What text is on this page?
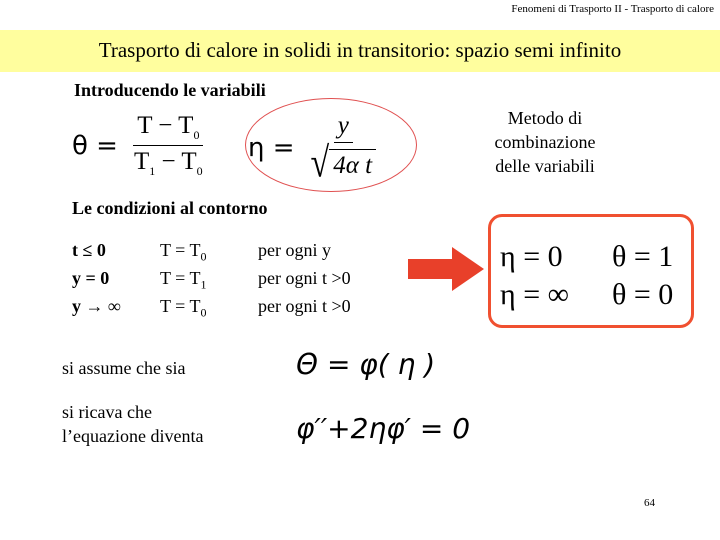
Fenomeni di Trasporto II - Trasporto di calore
Trasporto di calore in solidi in transitorio: spazio semi infinito
Introducendo le variabili
Metodo di
combinazione
delle variabili
$\theta = \frac{T - T_0}{T_1 - T_0}$ $\eta = \frac{y}{\text{√ 4α t}}$
Le condizioni al contorno
t ≤ 0	$T = T_0$	per ogni y
y = 0	$T = T_1$	per ogni t >0
y → ∞ $T = T_0$	per ogni t >0
η = 0 θ = 1
η = ∞ θ = 0
si assume che sia	Θ = φ( η )
si ricava che
l’equazione diventa	φ′′+2ηφ′ = 0
64
